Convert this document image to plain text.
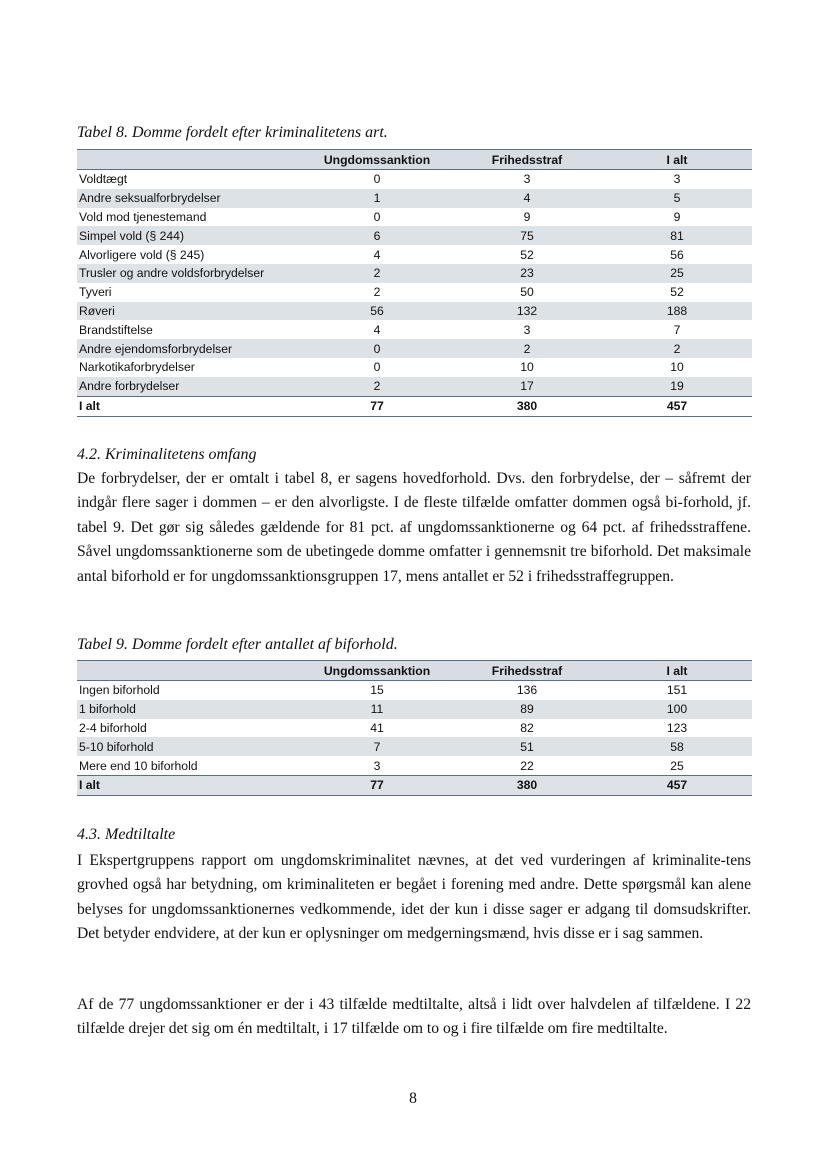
Tabel 8. Domme fordelt efter kriminalitetens art.
	Ungdomssanktion	Frihedsstraf	I alt
Voldtægt	0	3	3
Andre seksualforbrydelser	1	4	5
Vold mod tjenestemand	0	9	9
Simpel vold (§ 244)	6	75	81
Alvorligere vold (§ 245)	4	52	56
Trusler og andre voldsforbrydelser	2	23	25
Tyveri	2	50	52
Røveri	56	132	188
Brandstiftelse	4	3	7
Andre ejendomsforbrydelser	0	2	2
Narkotikaforbrydelser	0	10	10
Andre forbrydelser	2	17	19
I alt	77	380	457
4.2. Kriminalitetens omfang

De forbrydelser, der er omtalt i tabel 8, er sagens hovedforhold. Dvs. den forbrydelse, der – såfremt der indgår flere sager i dommen – er den alvorligste. I de fleste tilfælde omfatter dommen også bi-forhold, jf. tabel 9. Det gør sig således gældende for 81 pct. af ungdomssanktionerne og 64 pct. af frihedsstraffene. Såvel ungdomssanktionerne som de ubetingede domme omfatter i gennemsnit tre biforhold. Det maksimale antal biforhold er for ungdomssanktionsgruppen 17, mens antallet er 52 i frihedsstraffegruppen.

Tabel 9. Domme fordelt efter antallet af biforhold.
	Ungdomssanktion	Frihedsstraf	I alt
Ingen biforhold	15	136	151
1 biforhold	11	89	100
2-4 biforhold	41	82	123
5-10 biforhold	7	51	58
Mere end 10 biforhold	3	22	25
I alt	77	380	457
4.3. Medtiltalte

I Ekspertgruppens rapport om ungdomskriminalitet nævnes, at det ved vurderingen af kriminalite-tens grovhed også har betydning, om kriminaliteten er begået i forening med andre. Dette spørgsmål kan alene belyses for ungdomssanktionernes vedkommende, idet der kun i disse sager er adgang til domsudskrifter. Det betyder endvidere, at der kun er oplysninger om medgerningsmænd, hvis disse er i sag sammen.

Af de 77 ungdomssanktioner er der i 43 tilfælde medtiltalte, altså i lidt over halvdelen af tilfældene. I 22 tilfælde drejer det sig om én medtiltalt, i 17 tilfælde om to og i fire tilfælde om fire medtiltalte.

8
